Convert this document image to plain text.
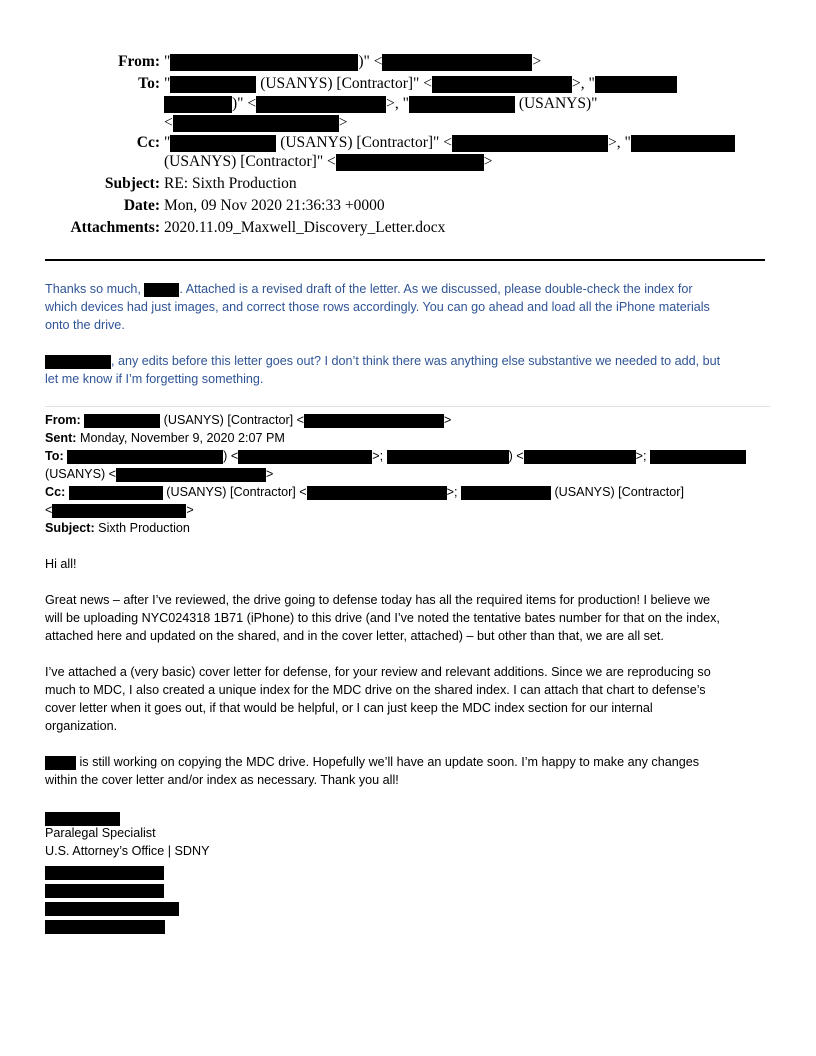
From: "	)" <	>
To: "	(USANYS) [Contractor]" <	>, "
)" <	>, "	(USANYS)"
<	>
Cc: "	(USANYS) [Contractor]" <	>, "
(USANYS) [Contractor]" <	>
Subject: RE: Sixth Production
Date: Mon, 09 Nov 2020 21:36:33 +0000
Attachments: 2020.11.09_Maxwell_Discovery_Letter.docx

Thanks so much,	. Attached is a revised draft of the letter. As we discussed, please double-check the index for

which devices had just images, and correct those rows accordingly. You can go ahead and load all the iPhone materials

onto the drive.

, any edits before this letter goes out? I don’t think there was anything else substantive we needed to add, but

let me know if I’m forgetting something.

From:	(USANYS) [Contractor] <	>
Sent: Monday, November 9, 2020 2:07 PM
To:	) <	>;	) <	>;
(USANYS) <	>
Cc:	(USANYS) [Contractor] <	>;	(USANYS) [Contractor]
<	>
Subject: Sixth Production

Hi all!

Great news – after I’ve reviewed, the drive going to defense today has all the required items for production! I believe we

will be uploading NYC024318 1B71 (iPhone) to this drive (and I’ve noted the tentative bates number for that on the index,

attached here and updated on the shared, and in the cover letter, attached) – but other than that, we are all set.

I’ve attached a (very basic) cover letter for defense, for your review and relevant additions. Since we are reproducing so

much to MDC, I also created a unique index for the MDC drive on the shared index. I can attach that chart to defense’s

cover letter when it goes out, if that would be helpful, or I can just keep the MDC index section for our internal

organization.

is still working on copying the MDC drive. Hopefully we’ll have an update soon. I’m happy to make any changes

within the cover letter and/or index as necessary. Thank you all!

Paralegal Specialist
U.S. Attorney’s Office | SDNY
